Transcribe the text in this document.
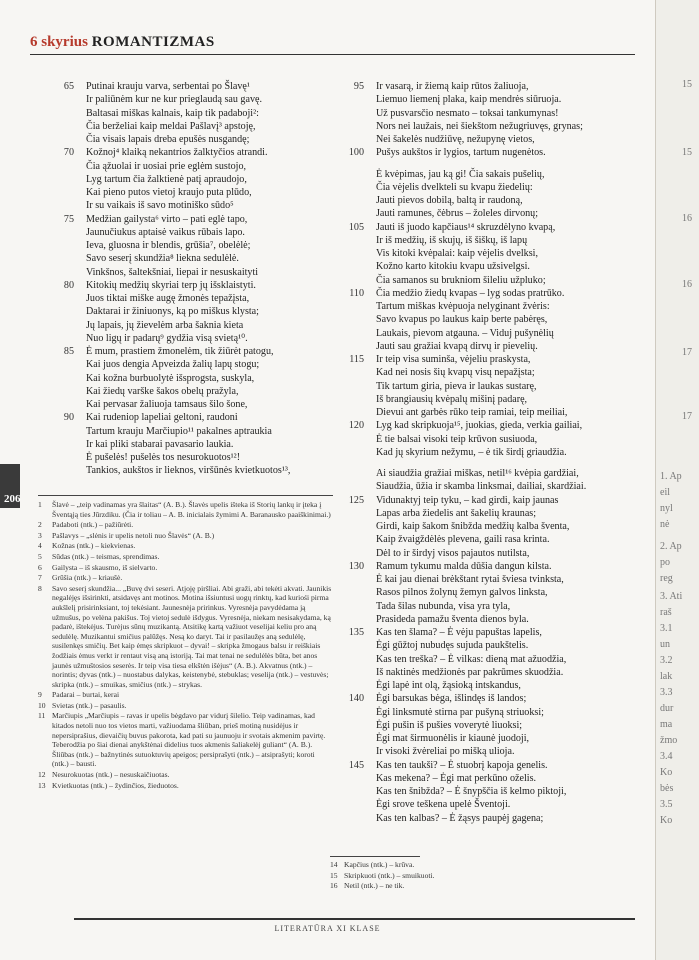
6 skyrius ROMANTIZMAS
65	Putinai krauju varva, serbentai po Šlavę¹
Ir paliūnėm kur ne kur prieglaudą sau gavę.
Baltasai miškas kalnais, kaip tik padaboji²:
Čia berželiai kaip meldai Pašlavį³ apstoję,
Čia visais lapais dreba epušės nusgandę;
70	Kožnoj⁴ klaiką nekantrios žalktyčios atrandi.
Čia ąžuolai ir uosiai prie eglėm sustojo,
Lyg tartum čia žalktienė patį apraudojo,
Kai pieno putos vietoj kraujo puta plūdo,
Ir su vaikais iš savo motiniško sūdo⁵
75	Medžian gailysta⁶ virto – pati eglė tapo,
Jaunučiukus aptaisė vaikus rūbais lapo.
Ieva, gluosna ir blendis, grūšia⁷, obelėlė;
Savo seserį skundžia⁸ liekna sedulėlė.
Vinkšnos, šaltekšniai, liepai ir nesuskaityti
80	Kitokių medžių skyriai terp jų išsklaistyti.
Juos tiktai miške augę žmonės tepažįsta,
Daktarai ir žiniuonys, ką po miškus klysta;
Jų lapais, jų žievelėm arba šaknia kieta
Nuo ligų ir padarų⁹ gydžia visą svietą¹⁰.
85	Ė mum, prastiem žmonelėm, tik žiūrėt patogu,
Kai juos dengia Apveizda žalių lapų stogu;
Kai kožna burbuolytė išsprogsta, suskyla,
Kai žiedų varške šakos obelų pražyla,
Kai pervasar žaliuoja tamsaus šilo šone,
90	Kai rudeniop lapeliai geltoni, raudoni
Tartum krauju Marčiupio¹¹ pakalnes aptraukia
Ir kai pliki stabarai pavasario laukia.
Ė pušelės! pušelės tos nesurokuotos¹²!
Tankios, aukštos ir lieknos, viršūnės kvietkuotos¹³,
95	Ir vasarą, ir žiemą kaip rūtos žaliuoja,
Liemuo liemenį plaka, kaip mendrės siūruoja.
Už pusvarsčio nesmato – toksai tankumynas!
Nors nei laužais, nei šiekštom nežugriuvęs, grynas;
Nei šakelės nudžiūvę, nežupynę vietos,
100	Pušys aukštos ir lygios, tartum nugenėtos.
Ė kvėpimas, jau ką gi! Čia sakais pušelių,
Čia vėjelis dvelkteli su kvapu žiedelių:
Jauti pievos dobilą, baltą ir raudoną,
Jauti ramunes, čėbrus – žoleles dirvonų;
105	Jauti iš juodo kapčiaus¹⁴ skruzdėlyno kvapą,
Ir iš medžių, iš skujų, iš šiškų, iš lapų
Vis kitoki kvėpalai: kaip vėjelis dvelksi,
Kožno karto kitokiu kvapu užsivelgsi.
Čia samanos su brukniom šileliu užpluko;
110	Čia medžio žiedų kvapas – lyg sodas pratrūko.
Tartum miškas kvėpuoja nelyginant žvėris:
Savo kvapus po laukus kaip berte pabėręs,
Laukais, pievom atgauna. – Viduj pušynėlių
Jauti sau gražiai kvapą dirvų ir pievelių.
115	Ir teip visa suminša, vėjeliu praskysta,
Kad nei nosis šių kvapų visų nepažįsta;
Tik tartum giria, pieva ir laukas sustarę,
Iš brangiausių kvėpalų mišinį padarę,
Dievui ant garbės rūko teip ramiai, teip meiliai,
120	Lyg kad skripkuoja¹⁵, juokias, gieda, verkia gailiai,
Ė tie balsai visoki teip krūvon susiuoda,
Kad jų skyrium nežymu, – ė tik širdį griaudžia.
Ai siaudžia gražiai miškas, netil¹⁶ kvėpia gardžiai,
Siaudžia, ūžia ir skamba linksmai, dailiai, skardžiai.
125	Vidunaktyj teip tyku, – kad girdi, kaip jaunas
Lapas arba žiedelis ant šakelių kraunas;
Girdi, kaip šakom šnibžda medžių kalba šventa,
Kaip žvaigždėlės plevena, gaili rasa krinta.
Dėl to ir širdyj visos pajautos nutilsta,
130	Ramum tykumu malda dūšia dangun kilsta.
Ė kai jau dienai brėkštant rytai šviesa tvinksta,
Rasos pilnos žolynų žemyn galvos linksta,
Tada šilas nubunda, visa yra tyla,
Prasideda pamažu šventa dienos byla.
135	Kas ten šlama? – Ė vėju papuštas lapelis,
Ėgi gūžtoj nubudęs sujuda paukštelis.
Kas ten treška? – Ė vilkas: dieną mat ažuodžia,
Iš naktinės medžionės par pakrūmes skuodžia.
Ėgi lapė int olą, žąsioką intskandus,
140	Ėgi barsukas bėga, išlindęs iš landos;
Ėgi linksmutė stirna par pušyną striuoksi;
Ėgi pušin iš pušies voverytė liuoksi;
Ėgi mat širmuonėlis ir kiaunė juodoji,
Ir visoki žvėreliai po mišką ulioja.
145	Kas ten taukši? – Ė stuobrį kapoja genelis.
Kas mekena? – Ėgi mat perkūno oželis.
Kas ten šnibžda? – Ė šnypščia iš kelmo piktoji,
Ėgi srove teškena upelė Šventoji.
Kas ten kalbas? – Ė žąsys paupėj gagena;
206 1	Šlavė – „teip vadinamas yra šlaitas“ (A. B.). Šlavės upelis išteka iš Storių lankų ir įteka į Šventąją ties Jūrzdiku. (Čia ir toliau – A. B. inicialais žymimi A. Baranausko paaiškinimai.)
2	Padaboti (ntk.) – pažiūrėti.
3	Pašlavys – „slėnis ir upelis netoli nuo Šlavės“ (A. B.)
4	Kožnas (ntk.) – kiekvienas.
5	Sūdas (ntk.) – teismas, sprendimas.
6	Gailysta – iš skausmo, iš sielvarto.
7	Grūšia (ntk.) – kriaušė.
8	Savo seserį skundžia... „Buvę dvi seseri. Atjoję piršliai. Abi graži, abi tekėti akvati. Jaunikis negalėjęs išsirinkti, atsidavęs ant motinos. Motina išsiuntusi uogų rinktų, kad kuriośi pirma aukšlelį prisirinksiant, toj tekėsiant. Jaunesnėja pririnkus. Vyresnėja pavydėdama ją užmušus, po velėna pakišus. Toj vietoj sedulė išdygus. Vyresnėja, niekam nesisakydama, ką padarė, ištekėjus. Turėjus sūnų muzikantą. Atsitikę kartą važiuot veselijai keliu pro aną sedulėlę. Muzikantui smičius palūžęs. Nesą ko daryt. Tai ir pasilaužęs aną sedulėlę, susilenkęs smičių. Bet kaip ėmęs skripkuot – dyvai! – skripka žmogaus balsu ir reiškiais žodžiais ėmus verkt ir rentaut visą aną istoriją. Tai mat tenai ne sedulėlės būta, bet anos jaunės užmuštosios seserės. Ir teip visa tiesa elkštėn išėjus“ (A. B.). Akvatnus (ntk.) – norintis; dyvas (ntk.) – nuostabus dalykas, keistenybė, stebuklas; veselija (ntk.) – vestuvės; skripka (ntk.) – smuikas, smičius (ntk.) – strykas.
9	Padarai – burtai, kerai
10 Svietas (ntk.) – pasaulis.
11 Marčiupis „Marčiupis – ravas ir upelis bėgdavo par vidurį šilelio. Teip vadinamas, kad kitados netoli nuo tos vietos marti, važiuodama šliūban, prieš motiną nusidėjus ir nepersiprašius, dievaičių buvus pakorota, kad pati su jaunuoju ir svotais akmenim pavirtę. Teberodžia po šiai dienai anykštėnai didelius tuos akmenis šaliakelėj guliant“ (A. B.). Šliūbas (ntk.) – bažnytinės sutuoktuvių apeigos; persiprašyti (ntk.) – atsiprašyti; koroti (ntk.) – bausti.
12 Nesurokuotas (ntk.) – nesuskaičiuotas.
13 Kvietkuotas (ntk.) – žydinčios, žieduotos.
14 Kapčius (ntk.) – krūva.
15 Skripkuoti (ntk.) – smuikuoti.
16 Netil (ntk.) – ne tik.
LITERATŪRA XI KLASE
15
15
16
16
17
17
1. Ap
eil
nyl
nė
2. Ap
po
reg
3. Ati
raš
3.1
un
3.2
lak
3.3
dur
ma
žmo
3.4
Ko
bės
3.5
Ko
